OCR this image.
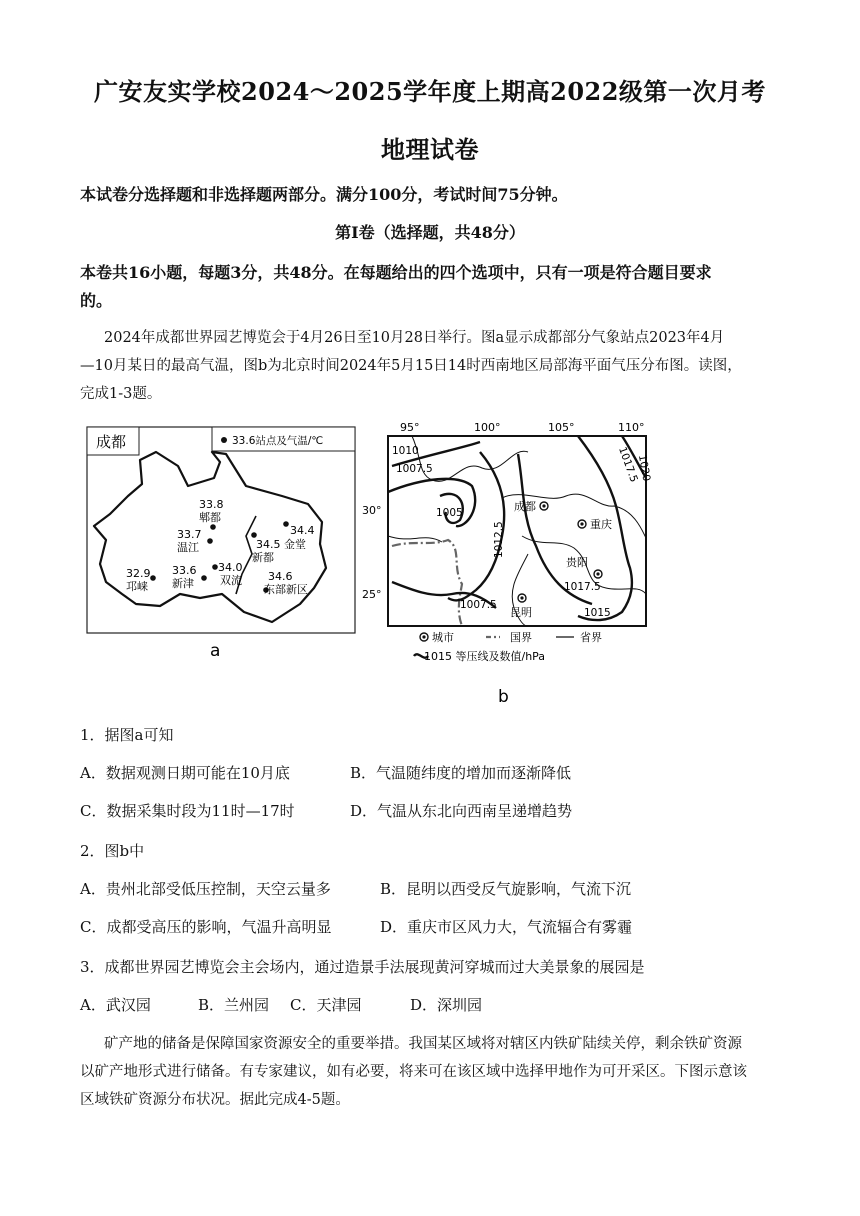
广安友实学校2024～2025学年度上期高2022级第一次月考
地理试卷
本试卷分选择题和非选择题两部分。满分100分，考试时间75分钟。
第Ⅰ卷（选择题，共48分）
本卷共16小题，每题3分，共48分。在每题给出的四个选项中，只有一项是符合题目要求
的。
2024年成都世界园艺博览会于4月26日至10月28日举行。图a显示成都部分气象站点2023年4月
—10月某日的最高气温，图b为北京时间2024年5月15日14时西南地区局部海平面气压分布图。读图，
完成1-3题。
成都	33.6站点及气温/℃
33.8
郫都
33.7
温江
34.4
金堂
34.5
新都
34.0
双流
33.6
新津
32.9
邛崃
34.6
东部新区
a
95°	100°	105°	110°
30°
25°
1010
1007.5
1005
1012.5
1007.5
1017.5
1020
1017.5
1015
成都
重庆
贵阳
昆明
城市	国界	省界
1015 等压线及数值/hPa
b
1．据图a可知
A．数据观测日期可能在10月底	B．气温随纬度的增加而逐渐降低
C．数据采集时段为11时—17时	D．气温从东北向西南呈递增趋势
2．图b中
A．贵州北部受低压控制，天空云量多	B．昆明以西受反气旋影响，气流下沉
C．成都受高压的影响，气温升高明显	D．重庆市区风力大，气流辐合有雾霾
3．成都世界园艺博览会主会场内，通过造景手法展现黄河穿城而过大美景象的展园是
A．武汉园	B．兰州园 C．天津园	D．深圳园
矿产地的储备是保障国家资源安全的重要举措。我国某区域将对辖区内铁矿陆续关停，剩余铁矿资源
以矿产地形式进行储备。有专家建议，如有必要，将来可在该区域中选择甲地作为可开采区。下图示意该
区域铁矿资源分布状况。据此完成4-5题。
